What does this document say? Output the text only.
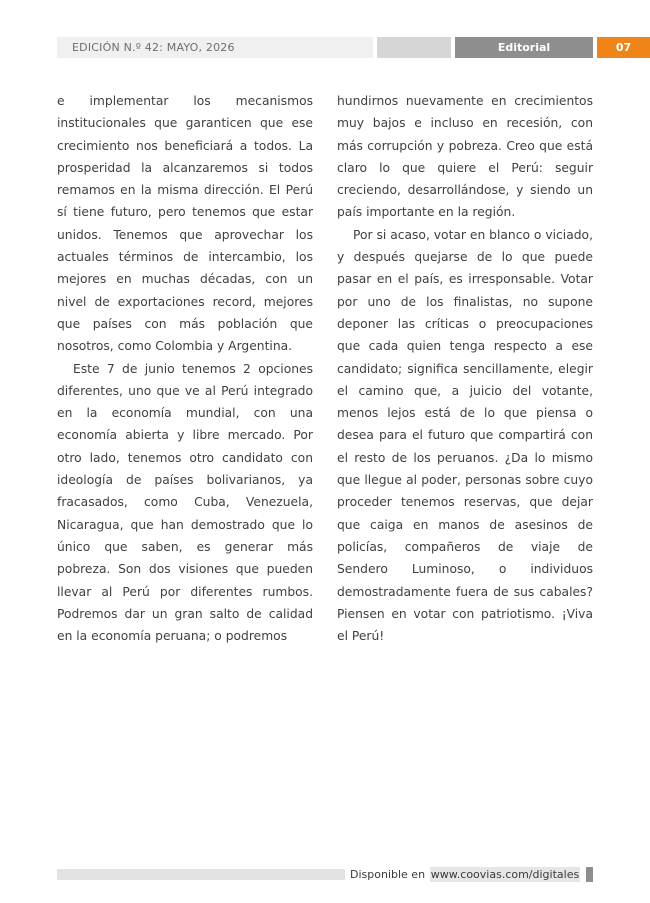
EDICIÓN N.º 42: MAYO, 2026	Editorial	07

e implementar los mecanismos institucionales que garanticen que ese crecimiento nos beneficiará a todos. La prosperidad la alcanzaremos si todos remamos en la misma dirección. El Perú sí tiene futuro, pero tenemos que estar unidos. Tenemos que aprovechar los actuales términos de intercambio, los mejores en muchas décadas, con un nivel de exportaciones record, mejores que países con más población que nosotros, como Colombia y Argentina.

Este 7 de junio tenemos 2 opciones diferentes, uno que ve al Perú integrado en la economía mundial, con una economía abierta y libre mercado. Por otro lado, tenemos otro candidato con ideología de países bolivarianos, ya fracasados, como Cuba, Venezuela, Nicaragua, que han demostrado que lo único que saben, es generar más pobreza. Son dos visiones que pueden llevar al Perú por diferentes rumbos. Podremos dar un gran salto de calidad en la economía peruana; o podremos

hundirnos nuevamente en crecimientos muy bajos e incluso en recesión, con más corrupción y pobreza. Creo que está claro lo que quiere el Perú: seguir creciendo, desarrollándose, y siendo un país importante en la región.

Por si acaso, votar en blanco o viciado, y después quejarse de lo que puede pasar en el país, es irresponsable. Votar por uno de los finalistas, no supone deponer las críticas o preocupaciones que cada quien tenga respecto a ese candidato; significa sencillamente, elegir el camino que, a juicio del votante, menos lejos está de lo que piensa o desea para el futuro que compartirá con el resto de los peruanos. ¿Da lo mismo que llegue al poder, personas sobre cuyo proceder tenemos reservas, que dejar que caiga en manos de asesinos de policías, compañeros de viaje de Sendero Luminoso, o individuos demostradamente fuera de sus cabales? Piensen en votar con patriotismo. ¡Viva el Perú!

Disponible en www.coovias.com/digitales
